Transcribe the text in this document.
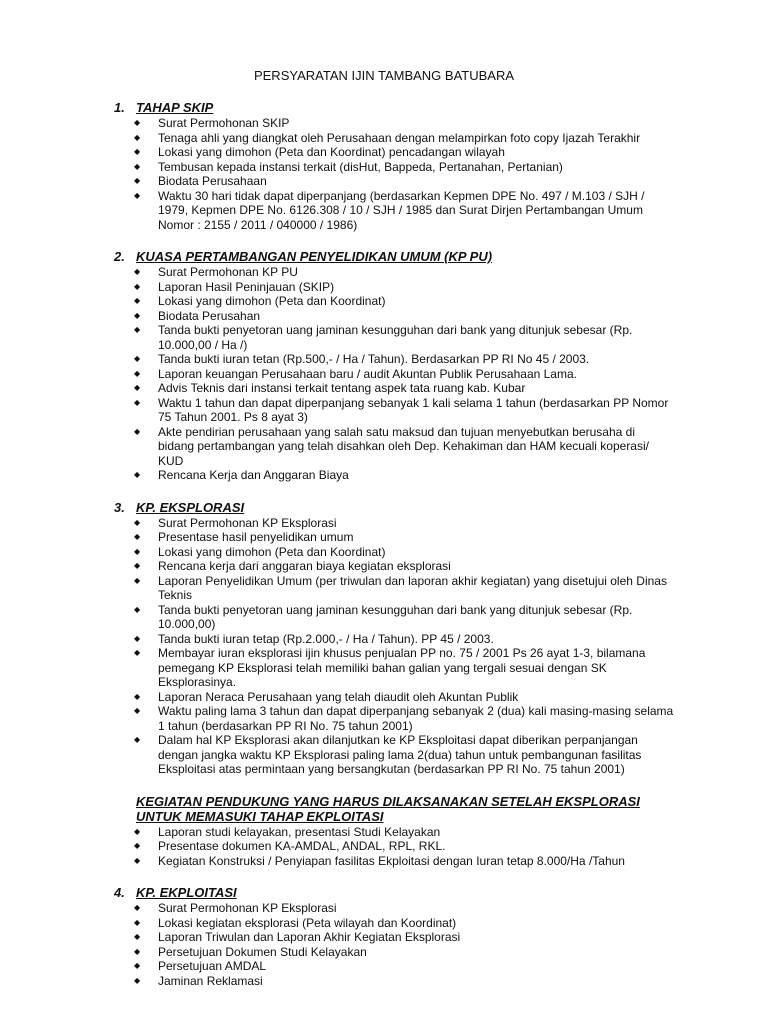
PERSYARATAN IJIN TAMBANG BATUBARA
1. TAHAP SKIP
◆ Surat Permohonan SKIP
◆ Tenaga ahli yang diangkat oleh Perusahaan dengan melampirkan foto copy Ijazah Terakhir
◆ Lokasi yang dimohon (Peta dan Koordinat) pencadangan wilayah
◆ Tembusan kepada instansi terkait (disHut, Bappeda, Pertanahan, Pertanian)
◆ Biodata Perusahaan
◆ Waktu 30 hari tidak dapat diperpanjang (berdasarkan Kepmen DPE No. 497 / M.103 / SJH / 1979, Kepmen DPE No. 6126.308 / 10 / SJH / 1985 dan Surat Dirjen Pertambangan Umum Nomor : 2155 / 2011 / 040000 / 1986)
2. KUASA PERTAMBANGAN PENYELIDIKAN UMUM (KP PU)
◆ Surat Permohonan KP PU
◆ Laporan Hasil Peninjauan (SKIP)
◆ Lokasi yang dimohon (Peta dan Koordinat)
◆ Biodata Perusahan
◆ Tanda bukti penyetoran uang jaminan kesungguhan dari bank yang ditunjuk sebesar (Rp. 10.000,00 / Ha /)
◆ Tanda bukti iuran tetan (Rp.500,- / Ha / Tahun). Berdasarkan PP RI No 45 / 2003.
◆ Laporan keuangan Perusahaan baru / audit Akuntan Publik Perusahaan Lama.
◆ Advis Teknis dari instansi terkait tentang aspek tata ruang kab. Kubar
◆ Waktu 1 tahun dan dapat diperpanjang sebanyak 1 kali selama 1 tahun (berdasarkan PP Nomor 75 Tahun 2001. Ps 8 ayat 3)
◆ Akte pendirian perusahaan yang salah satu maksud dan tujuan menyebutkan berusaha di bidang pertambangan yang telah disahkan oleh Dep. Kehakiman dan HAM kecuali koperasi/ KUD
◆ Rencana Kerja dan Anggaran Biaya
3. KP. EKSPLORASI
◆ Surat Permohonan KP Eksplorasi
◆ Presentase hasil penyelidikan umum
◆ Lokasi yang dimohon (Peta dan Koordinat)
◆ Rencana kerja dari anggaran biaya kegiatan eksplorasi
◆ Laporan Penyelidikan Umum (per triwulan dan laporan akhir kegiatan) yang disetujui oleh Dinas Teknis
◆ Tanda bukti penyetoran uang jaminan kesungguhan dari bank yang ditunjuk sebesar (Rp. 10.000,00)
◆ Tanda bukti iuran tetap (Rp.2.000,- / Ha / Tahun). PP 45 / 2003.
◆ Membayar iuran eksplorasi ijin khusus penjualan PP no. 75 / 2001 Ps 26 ayat 1-3, bilamana pemegang KP Eksplorasi telah memiliki bahan galian yang tergali sesuai dengan SK Eksplorasinya.
◆ Laporan Neraca Perusahaan yang telah diaudit oleh Akuntan Publik
◆ Waktu paling lama 3 tahun dan dapat diperpanjang sebanyak 2 (dua) kali masing-masing selama 1 tahun (berdasarkan PP RI No. 75 tahun 2001)
◆ Dalam hal KP Eksplorasi akan dilanjutkan ke KP Eksploitasi dapat diberikan perpanjangan dengan jangka waktu KP Eksplorasi paling lama 2(dua) tahun untuk pembangunan fasilitas Eksploitasi atas permintaan yang bersangkutan (berdasarkan PP RI No. 75 tahun 2001)
KEGIATAN PENDUKUNG YANG HARUS DILAKSANAKAN SETELAH EKSPLORASI
UNTUK MEMASUKI TAHAP EKPLOITASI
◆ Laporan studi kelayakan, presentasi Studi Kelayakan
◆ Presentase dokumen KA-AMDAL, ANDAL, RPL, RKL.
◆ Kegiatan Konstruksi / Penyiapan fasilitas Ekploitasi dengan Iuran tetap 8.000/Ha /Tahun
4. KP. EKPLOITASI
◆ Surat Permohonan KP Eksplorasi
◆ Lokasi kegiatan eksplorasi (Peta wilayah dan Koordinat)
◆ Laporan Triwulan dan Laporan Akhir Kegiatan Eksplorasi
◆ Persetujuan Dokumen Studi Kelayakan
◆ Persetujuan AMDAL
◆ Jaminan Reklamasi
